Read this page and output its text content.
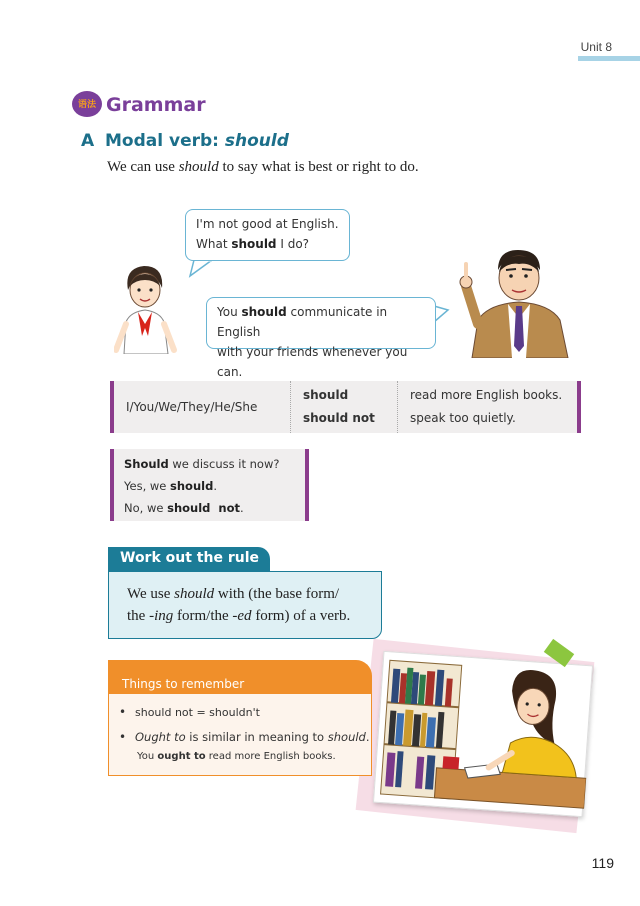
Unit 8
语法 Grammar
A Modal verb: should
We can use should to say what is best or right to do.
I'm not good at English.
What should I do?
You should communicate in English
with your friends whenever you can.
I/You/We/They/He/She
should
should not
read more English books.
speak too quietly.
Should we discuss it now?
Yes, we should.
No, we should  not.
Work out the rule
We use should with (the base form/
the -ing form/the -ed form) of a verb.
Things to remember
• should not = shouldn't
• Ought to is similar in meaning to should.
You ought to read more English books.
119
